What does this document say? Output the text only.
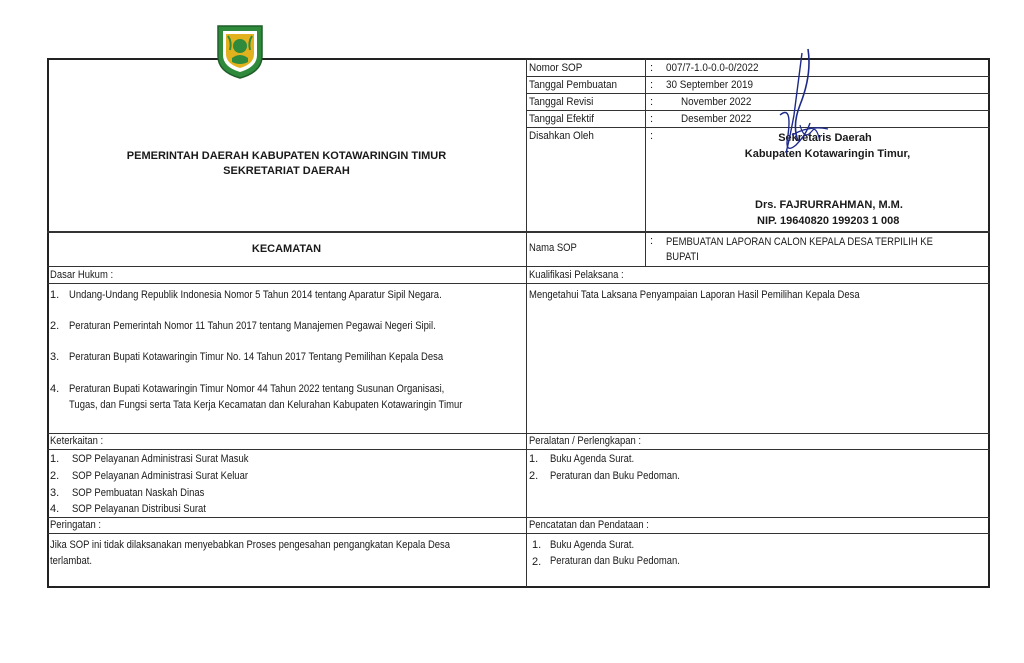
PEMERINTAH DAERAH KABUPATEN KOTAWARINGIN TIMUR
SEKRETARIAT DAERAH
KECAMATAN
Nomor SOP
Tanggal Pembuatan
Tanggal Revisi
Tanggal Efektif
Disahkan Oleh
:
:
:
:
:
007/7-1.0-0.0-0/2022
30 September 2019
November 2022
Desember 2022
Sekretaris Daerah
Kabupaten Kotawaringin Timur,
Drs. FAJRURRAHMAN, M.M.
NIP. 19640820 199203 1 008
Nama SOP
: PEMBUATAN LAPORAN CALON KEPALA DESA TERPILIH KE
BUPATI
Dasar Hukum :
1. Undang-Undang Republik Indonesia Nomor 5 Tahun 2014 tentang Aparatur Sipil Negara.
2. Peraturan Pemerintah Nomor 11 Tahun 2017 tentang Manajemen Pegawai Negeri Sipil.
3. Peraturan Bupati Kotawaringin Timur No. 14 Tahun 2017 Tentang Pemilihan Kepala Desa
4. Peraturan Bupati Kotawaringin Timur Nomor 44 Tahun 2022 tentang Susunan Organisasi,
Tugas, dan Fungsi serta Tata Kerja Kecamatan dan Kelurahan Kabupaten Kotawaringin Timur
Kualifikasi Pelaksana :
Mengetahui Tata Laksana Penyampaian Laporan Hasil Pemilihan Kepala Desa
Keterkaitan :
1. SOP Pelayanan Administrasi Surat Masuk
2. SOP Pelayanan Administrasi Surat Keluar
3. SOP Pembuatan Naskah Dinas
4. SOP Pelayanan Distribusi Surat
Peralatan / Perlengkapan :
1. Buku Agenda Surat.
2. Peraturan dan Buku Pedoman.
Peringatan :
Jika SOP ini tidak dilaksanakan menyebabkan Proses pengesahan pengangkatan Kepala Desa
terlambat.
Pencatatan dan Pendataan :
1. Buku Agenda Surat.
2. Peraturan dan Buku Pedoman.
